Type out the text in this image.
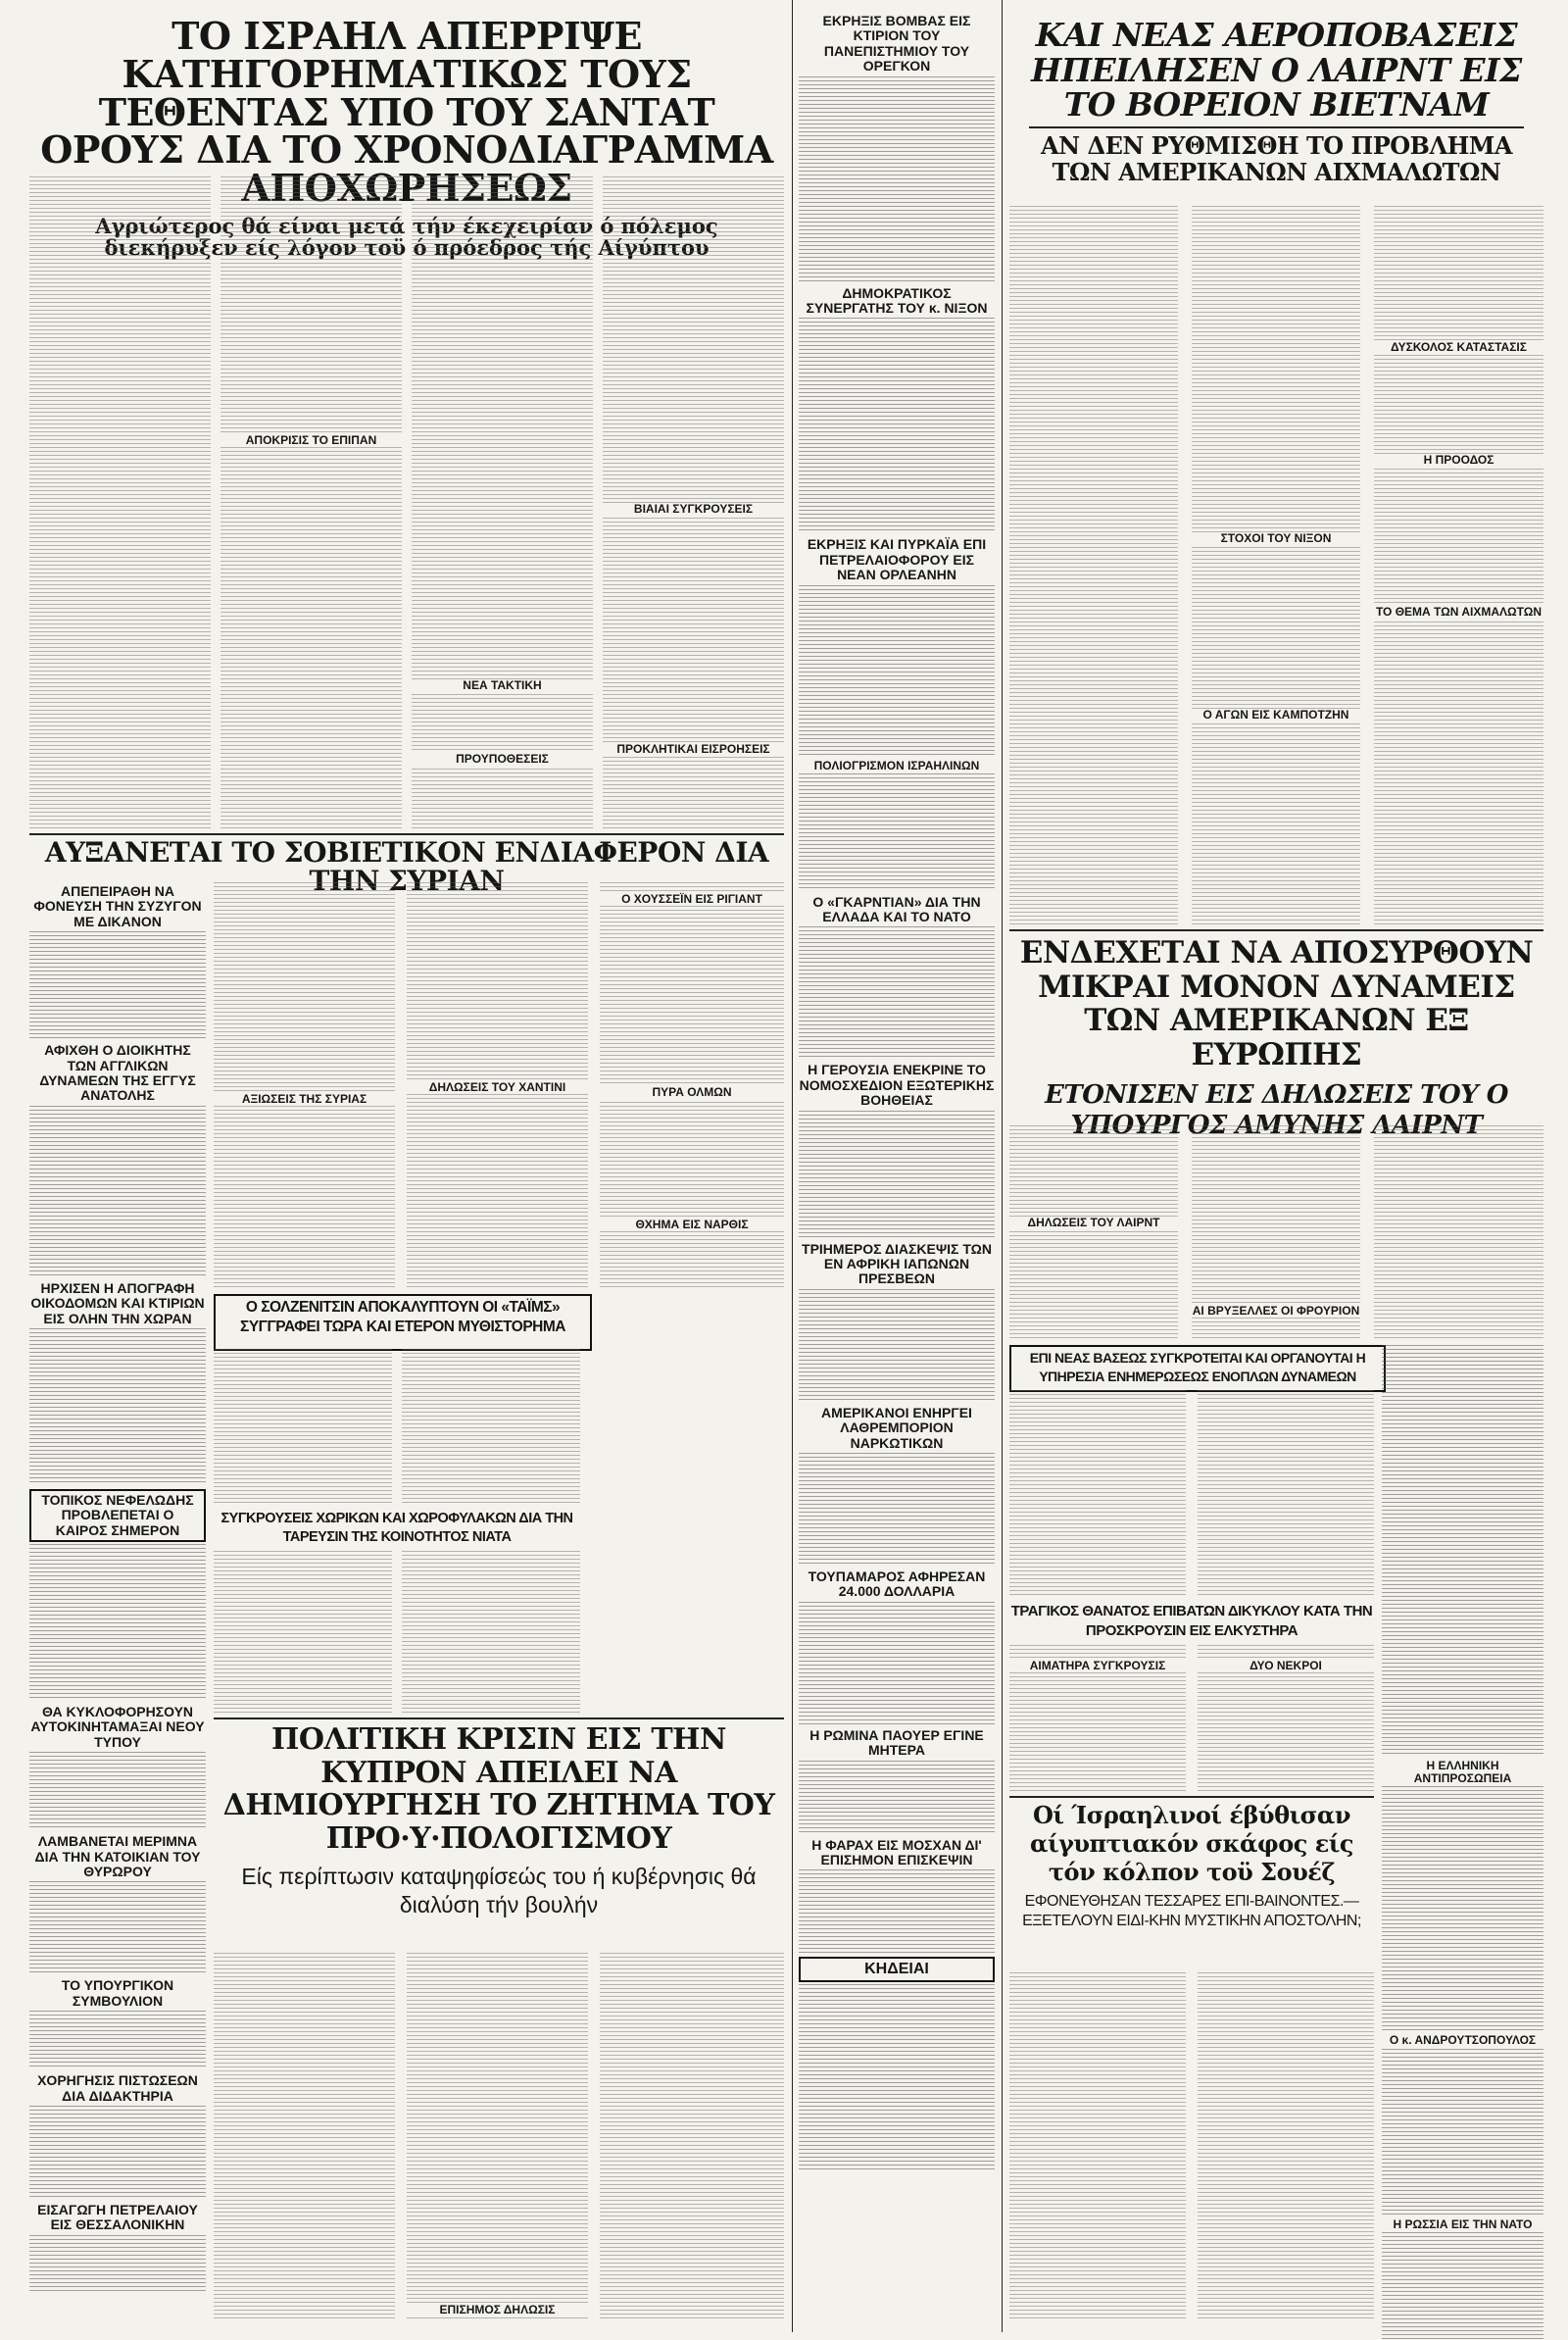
ΤΟ ΙΣΡΑΗΛ ΑΠΕΡΡΙΨΕ ΚΑΤΗΓΟΡΗΜΑΤΙΚΩΣ ΤΟΥΣ ΤΕΘΕΝΤΑΣ ΥΠΟ ΤΟΥ ΣΑΝΤΑΤ ΟΡΟΥΣ ΔΙΑ ΤΟ ΧΡΟΝΟΔΙΑΓΡΑΜΜΑ ΑΠΟΧΩΡΗΣΕΩΣ
Αγριώτερος θά είναι μετά τήν έκεχειρίαν ό πόλεμος διεκήρυξεν είς λόγον τοϋ ό πρόεδρος τής Αίγύπτου
ΑΠΟΚΡΙΣΙΣ ΤΟ ΕΠΙΠΑΝ
ΝΕΑ ΤΑΚΤΙΚΗ
ΠΡΟΥΠΟΘΕΣΕΙΣ
ΒΙΑΙΑΙ ΣΥΓΚΡΟΥΣΕΙΣ
ΠΡΟΚΛΗΤΙΚΑΙ ΕΙΣΡΟΗΣΕΙΣ
ΑΥΞΑΝΕΤΑΙ ΤΟ ΣΟΒΙΕΤΙΚΟΝ ΕΝΔΙΑΦΕΡΟΝ ΔΙΑ ΤΗΝ ΣΥΡΙΑΝ
ΑΠΕΠΕΙΡΑΘΗ ΝΑ ΦΟΝΕΥΣΗ ΤΗΝ ΣΥΖΥΓΟΝ ΜΕ ΔΙΚΑΝΟΝ
ΑΦΙΧΘΗ Ο ΔΙΟΙΚΗΤΗΣ ΤΩΝ ΑΓΓΛΙΚΩΝ ΔΥΝΑΜΕΩΝ ΤΗΣ ΕΓΓΥΣ ΑΝΑΤΟΛΗΣ
ΗΡΧΙΣΕΝ Η ΑΠΟΓΡΑΦΗ ΟΙΚΟΔΟΜΩΝ ΚΑΙ ΚΤΙΡΙΩΝ ΕΙΣ ΟΛΗΝ ΤΗΝ ΧΩΡΑΝ
ΤΟΠΙΚΟΣ ΝΕΦΕΛΩΔΗΣ ΠΡΟΒΛΕΠΕΤΑΙ Ο ΚΑΙΡΟΣ ΣΗΜΕΡΟΝ
ΘΑ ΚΥΚΛΟΦΟΡΗΣΟΥΝ ΑΥΤΟΚΙΝΗΤΑΜΑΞΑΙ ΝΕΟΥ ΤΥΠΟΥ
ΛΑΜΒΑΝΕΤΑΙ ΜΕΡΙΜΝΑ ΔΙΑ ΤΗΝ ΚΑΤΟΙΚΙΑΝ ΤΟΥ ΘΥΡΩΡΟΥ
ΤΟ ΥΠΟΥΡΓΙΚΟΝ ΣΥΜΒΟΥΛΙΟΝ
ΧΟΡΗΓΗΣΙΣ ΠΙΣΤΩΣΕΩΝ ΔΙΑ ΔΙΔΑΚΤΗΡΙΑ
ΕΙΣΑΓΩΓΗ ΠΕΤΡΕΛΑΙΟΥ ΕΙΣ ΘΕΣΣΑΛΟΝΙΚΗΝ
ΑΞΙΩΣΕΙΣ ΤΗΣ ΣΥΡΙΑΣ
ΔΗΛΩΣΕΙΣ ΤΟΥ ΧΑΝΤΙΝΙ
Ο ΧΟΥΣΣΕΪΝ ΕΙΣ ΡΙΓΙΑΝΤ
ΠΥΡΑ ΟΛΜΩΝ
ΘΧΗΜΑ ΕΙΣ ΝΑΡΘΙΣ
Ο ΣΟΛΖΕΝΙΤΣΙΝ ΑΠΟΚΑΛΥΠΤΟΥΝ ΟΙ «ΤΑΪΜΣ» ΣΥΓΓΡΑΦΕΙ ΤΩΡΑ ΚΑΙ ΕΤΕΡΟΝ ΜΥΘΙΣΤΟΡΗΜΑ
ΣΥΓΚΡΟΥΣΕΙΣ ΧΩΡΙΚΩΝ ΚΑΙ ΧΩΡΟΦΥΛΑΚΩΝ ΔΙΑ ΤΗΝ ΤΑΡΕΥΣΙΝ ΤΗΣ ΚΟΙΝΟΤΗΤΟΣ ΝΙΑΤΑ
ΠΟΛΙΤΙΚΗ ΚΡΙΣΙΝ ΕΙΣ ΤΗΝ ΚΥΠΡΟΝ ΑΠΕΙΛΕΙ ΝΑ ΔΗΜΙΟΥΡΓΗΣΗ ΤΟ ΖΗΤΗΜΑ ΤΟΥ ΠΡΟ·Υ·ΠΟΛΟΓΙΣΜΟΥ
Είς περίπτωσιν καταψηφίσεώς του ή κυβέρνησις θά διαλύση τήν βουλήν
ΕΠΙΣΗΜΟΣ ΔΗΛΩΣΙΣ
ΕΚΡΗΞΙΣ ΒΟΜΒΑΣ ΕΙΣ ΚΤΙΡΙΟΝ ΤΟΥ ΠΑΝΕΠΙΣΤΗΜΙΟΥ ΤΟΥ ΟΡΕΓΚΟΝ
ΔΗΜΟΚΡΑΤΙΚΟΣ ΣΥΝΕΡΓΑΤΗΣ ΤΟΥ κ. ΝΙΞΟΝ
ΕΚΡΗΞΙΣ ΚΑΙ ΠΥΡΚΑΪΑ ΕΠΙ ΠΕΤΡΕΛΑΙΟΦΟΡΟΥ ΕΙΣ ΝΕΑΝ ΟΡΛΕΑΝΗΝ
ΠΟΛΙΟΓΡΙΣΜΟΝ ΙΣΡΑΗΛΙΝΩΝ
Ο «ΓΚΑΡΝΤΙΑΝ» ΔΙΑ ΤΗΝ ΕΛΛΑΔΑ ΚΑΙ ΤΟ ΝΑΤΟ
Η ΓΕΡΟΥΣΙΑ ΕΝΕΚΡΙΝΕ ΤΟ ΝΟΜΟΣΧΕΔΙΟΝ ΕΞΩΤΕΡΙΚΗΣ ΒΟΗΘΕΙΑΣ
ΤΡΙΗΜΕΡΟΣ ΔΙΑΣΚΕΨΙΣ ΤΩΝ ΕΝ ΑΦΡΙΚΗ ΙΑΠΩΝΩΝ ΠΡΕΣΒΕΩΝ
ΑΜΕΡΙΚΑΝΟΙ ΕΝΗΡΓΕΙ ΛΑΘΡΕΜΠΟΡΙΟΝ ΝΑΡΚΩΤΙΚΩΝ
ΤΟΥΠΑΜΑΡΟΣ ΑΦΗΡΕΣΑΝ 24.000 ΔΟΛΛΑΡΙΑ
Η ΡΩΜΙΝΑ ΠΑΟΥΕΡ ΕΓΙΝΕ ΜΗΤΕΡΑ
Η ΦΑΡΑΧ ΕΙΣ ΜΟΣΧΑΝ ΔΙ' ΕΠΙΣΗΜΟΝ ΕΠΙΣΚΕΨΙΝ
ΚΗΔΕΙΑΙ
ΚΑΙ ΝΕΑΣ ΑΕΡΟΠΟΒΑΣΕΙΣ ΗΠΕΙΛΗΣΕΝ Ο ΛΑΙΡΝΤ ΕΙΣ ΤΟ ΒΟΡΕΙΟΝ ΒΙΕΤΝΑΜ
ΑΝ ΔΕΝ ΡΥΘΜΙΣΘΗ ΤΟ ΠΡΟΒΛΗΜΑ ΤΩΝ ΑΜΕΡΙΚΑΝΩΝ ΑΙΧΜΑΛΩΤΩΝ
ΣΤΟΧΟΙ ΤΟΥ ΝΙΞΟΝ
Ο ΑΓΩΝ ΕΙΣ ΚΑΜΠΟΤΖΗΝ
Η ΠΡΟΟΔΟΣ
ΔΥΣΚΟΛΟΣ ΚΑΤΑΣΤΑΣΙΣ
ΤΟ ΘΕΜΑ ΤΩΝ ΑΙΧΜΑΛΩΤΩΝ
ΕΝΔΕΧΕΤΑΙ ΝΑ ΑΠΟΣΥΡΘΟΥΝ ΜΙΚΡΑΙ ΜΟΝΟΝ ΔΥΝΑΜΕΙΣ ΤΩΝ ΑΜΕΡΙΚΑΝΩΝ ΕΞ ΕΥΡΩΠΗΣ
ΕΤΟΝΙΣΕΝ ΕΙΣ ΔΗΛΩΣΕΙΣ ΤΟΥ Ο ΥΠΟΥΡΓΟΣ ΑΜΥΝΗΣ ΛΑΙΡΝΤ
ΔΗΛΩΣΕΙΣ ΤΟΥ ΛΑΙΡΝΤ
ΑΙ ΒΡΥΞΕΛΛΕΣ ΟΙ ΦΡΟΥΡΙΟΝ
ΕΠΙ ΝΕΑΣ ΒΑΣΕΩΣ ΣΥΓΚΡΟΤΕΙΤΑΙ ΚΑΙ ΟΡΓΑΝΟΥΤΑΙ Η ΥΠΗΡΕΣΙΑ ΕΝΗΜΕΡΩΣΕΩΣ ΕΝΟΠΛΩΝ ΔΥΝΑΜΕΩΝ
ΤΡΑΓΙΚΟΣ ΘΑΝΑΤΟΣ ΕΠΙΒΑΤΩΝ ΔΙΚΥΚΛΟΥ ΚΑΤΑ ΤΗΝ ΠΡΟΣΚΡΟΥΣΙΝ ΕΙΣ ΕΛΚΥΣΤΗΡΑ
ΑΙΜΑΤΗΡΑ ΣΥΓΚΡΟΥΣΙΣ	ΔΥΟ ΝΕΚΡΟΙ
Οί Ίσραηλινοί έβύθισαν αίγυπτιακόν σκάφος είς τόν κόλπον τοϋ Σουέζ
ΕΦΟΝΕΥΘΗΣΑΝ ΤΕΣΣΑΡΕΣ ΕΠΙ-ΒΑΙΝΟΝΤΕΣ.—ΕΞΕΤΕΛΟΥΝ ΕΙΔΙ-ΚΗΝ ΜΥΣΤΙΚΗΝ ΑΠΟΣΤΟΛΗΝ;
Η ΕΛΛΗΝΙΚΗ ΑΝΤΙΠΡΟΣΩΠΕΙΑ
Ο κ. ΑΝΔΡΟΥΤΣΟΠΟΥΛΟΣ
Η ΡΩΣΣΙΑ ΕΙΣ ΤΗΝ ΝΑΤΟ
